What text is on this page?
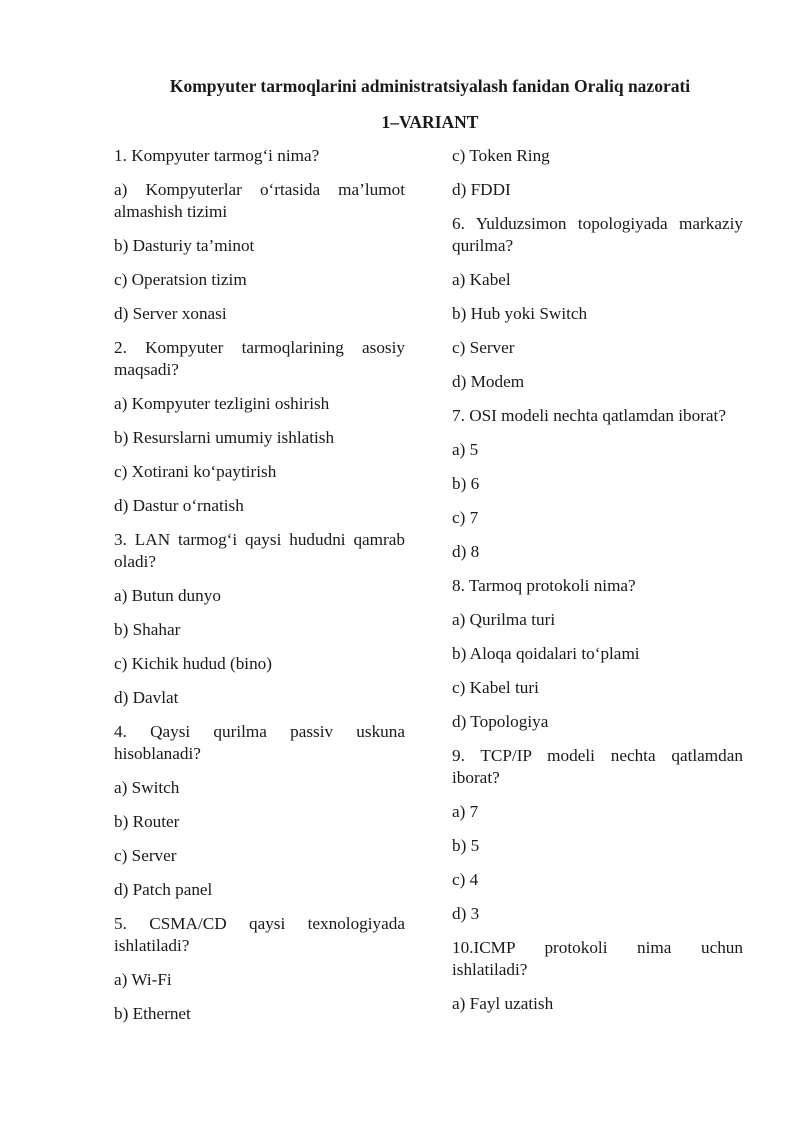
Kompyuter tarmoqlarini administratsiyalash fanidan Oraliq nazorati
1–VARIANT

1. Kompyuter tarmog‘i nima?

a) Kompyuterlar o‘rtasida ma’lumot almashish tizimi

b) Dasturiy ta’minot

c) Operatsion tizim

d) Server xonasi

2. Kompyuter tarmoqlarining asosiy maqsadi?

a) Kompyuter tezligini oshirish

b) Resurslarni umumiy ishlatish

c) Xotirani ko‘paytirish

d) Dastur o‘rnatish

3. LAN tarmog‘i qaysi hududni qamrab oladi?

a) Butun dunyo

b) Shahar

c) Kichik hudud (bino)

d) Davlat

4. Qaysi qurilma passiv uskuna hisoblanadi?

a) Switch

b) Router

c) Server

d) Patch panel

5. CSMA/CD qaysi texnologiyada ishlatiladi?

a) Wi-Fi

b) Ethernet

c) Token Ring

d) FDDI

6. Yulduzsimon topologiyada markaziy qurilma?

a) Kabel

b) Hub yoki Switch

c) Server

d) Modem

7. OSI modeli nechta qatlamdan iborat?

a) 5

b) 6

c) 7

d) 8

8. Tarmoq protokoli nima?

a) Qurilma turi

b) Aloqa qoidalari to‘plami

c) Kabel turi

d) Topologiya

9. TCP/IP modeli nechta qatlamdan iborat?

a) 7

b) 5

c) 4

d) 3

10.ICMP protokoli nima uchun ishlatiladi?

a) Fayl uzatish
